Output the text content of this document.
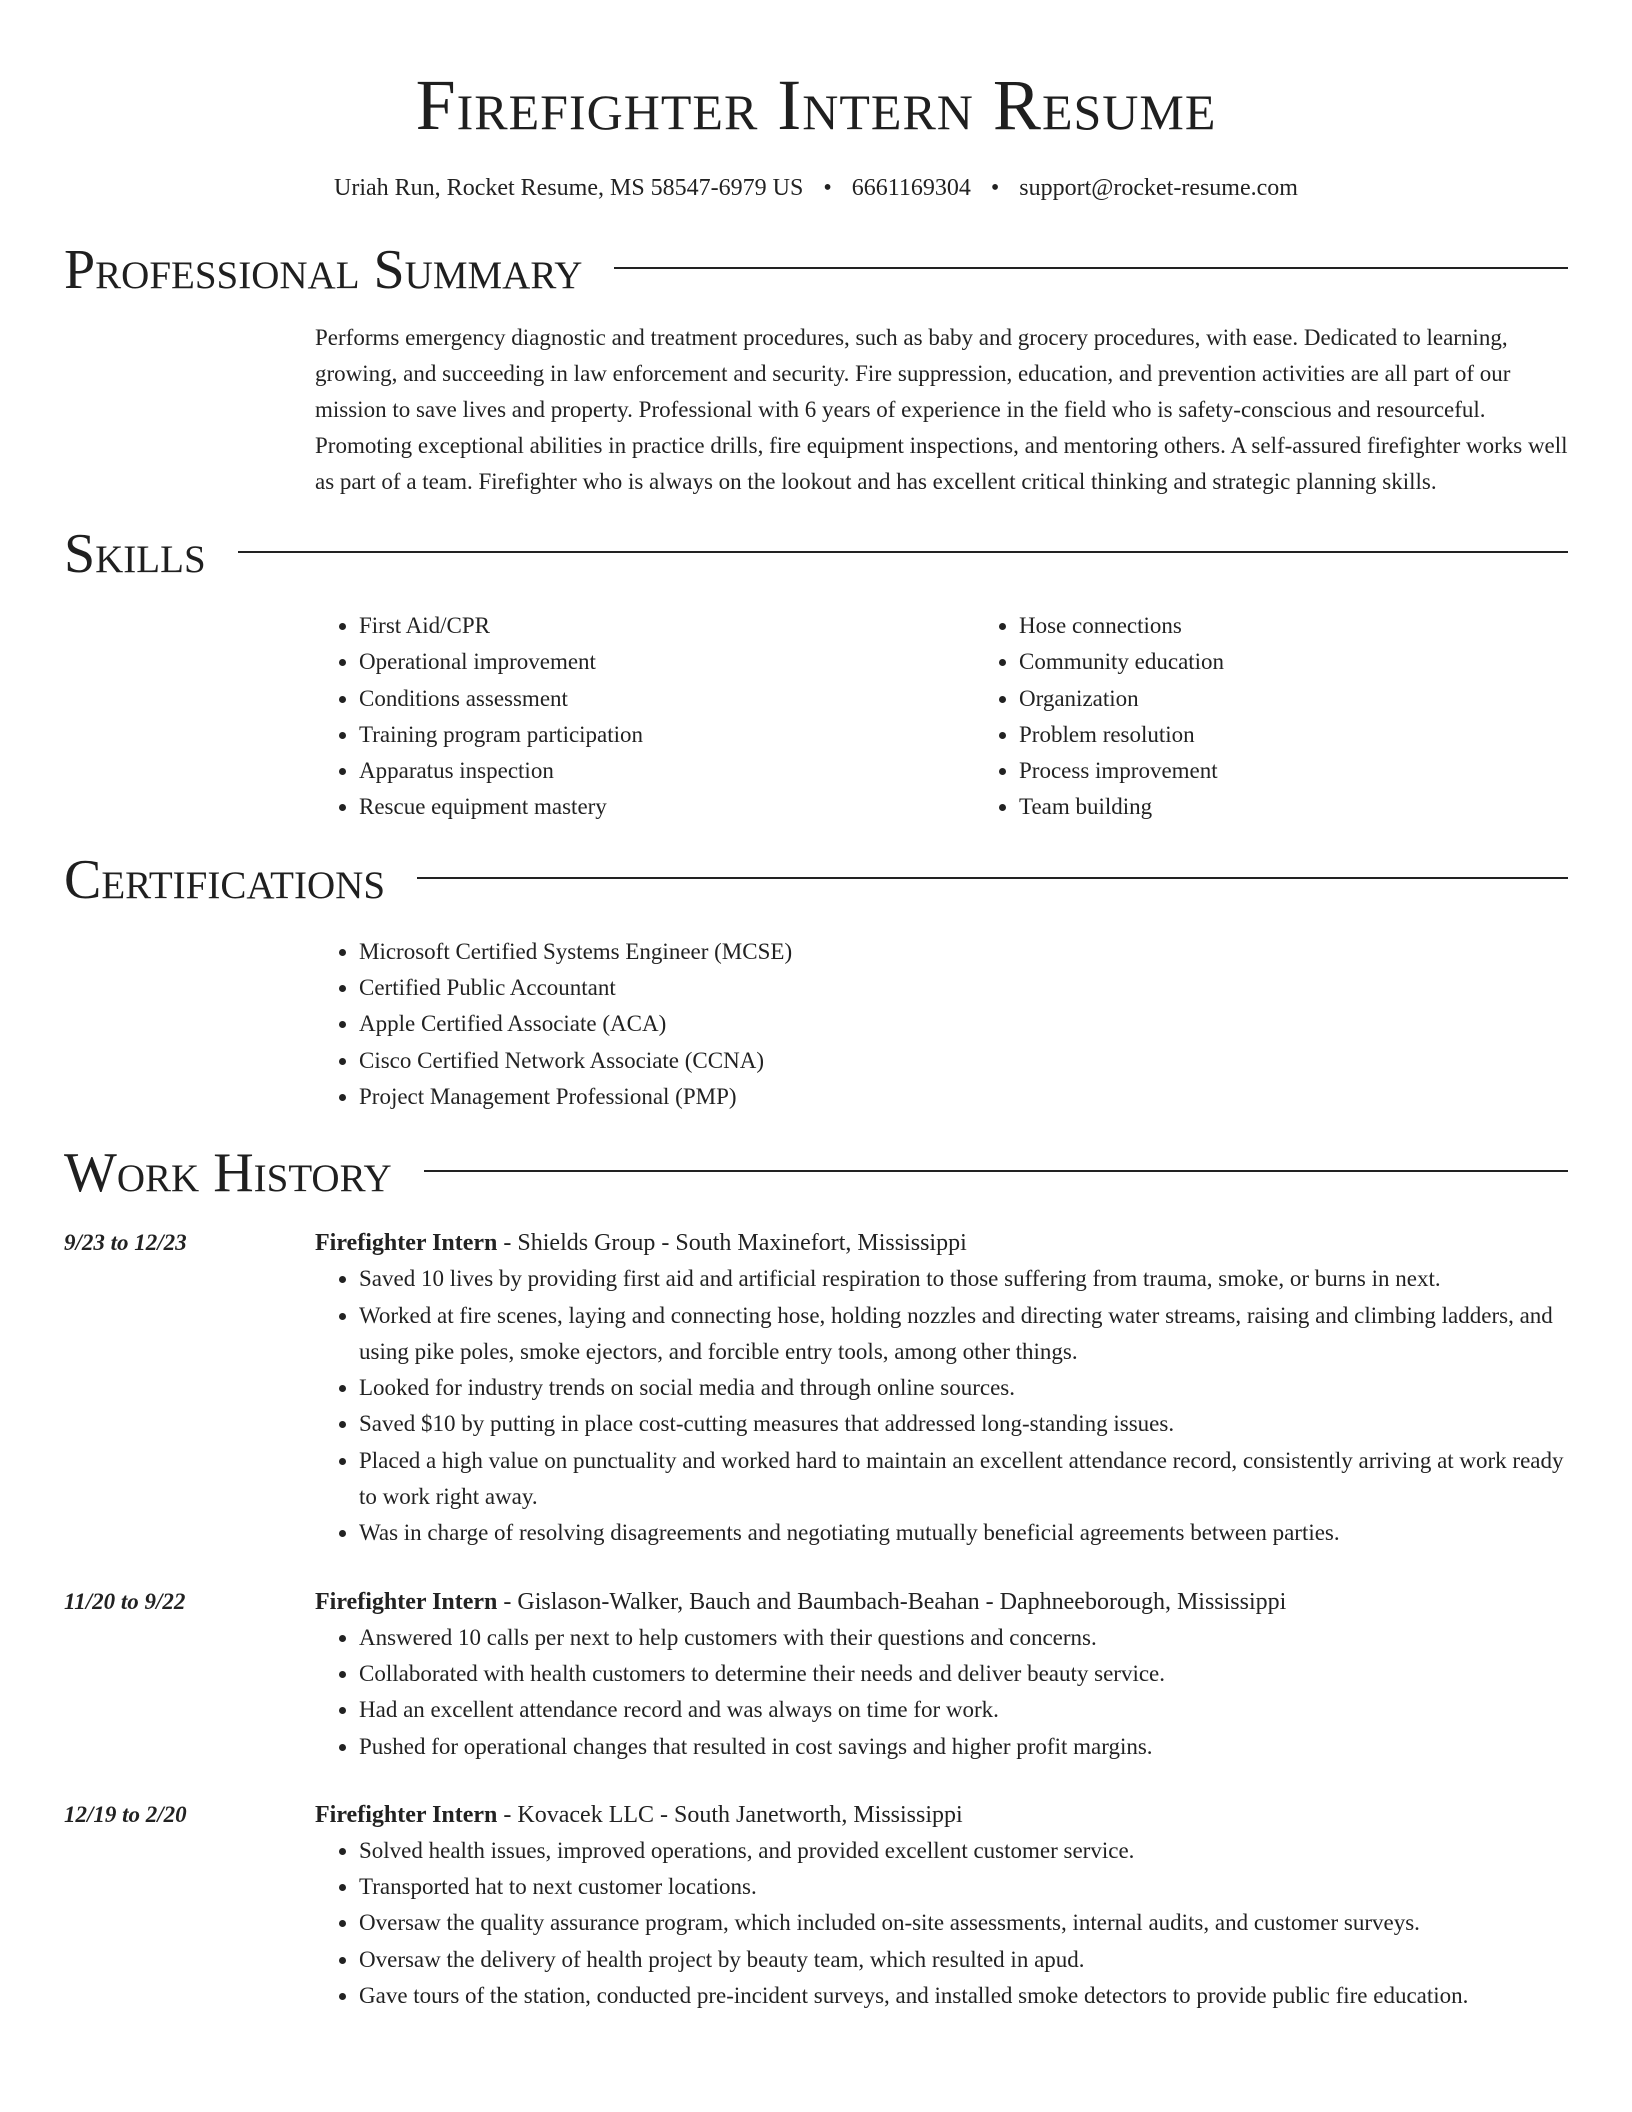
Firefighter Intern Resume
Uriah Run, Rocket Resume, MS 58547-6979 US • 6661169304 • support@rocket-resume.com
Professional Summary

Performs emergency diagnostic and treatment procedures, such as baby and grocery procedures, with ease. Dedicated to learning, growing, and succeeding in law enforcement and security. Fire suppression, education, and prevention activities are all part of our mission to save lives and property. Professional with 6 years of experience in the field who is safety-conscious and resourceful. Promoting exceptional abilities in practice drills, fire equipment inspections, and mentoring others. A self-assured firefighter works well as part of a team. Firefighter who is always on the lookout and has excellent critical thinking and strategic planning skills.

Skills
• First Aid/CPR
• Operational improvement
• Conditions assessment
• Training program participation
• Apparatus inspection
• Rescue equipment mastery
• Hose connections
• Community education
• Organization
• Problem resolution
• Process improvement
• Team building
Certifications
• Microsoft Certified Systems Engineer (MCSE)
• Certified Public Accountant
• Apple Certified Associate (ACA)
• Cisco Certified Network Associate (CCNA)
• Project Management Professional (PMP)
Work History
9/23 to 12/23	Firefighter Intern - Shields Group - South Maxinefort, Mississippi
• Saved 10 lives by providing first aid and artificial respiration to those suffering from trauma, smoke, or burns in next.
• Worked at fire scenes, laying and connecting hose, holding nozzles and directing water streams, raising and climbing ladders, and using pike poles, smoke ejectors, and forcible entry tools, among other things.
• Looked for industry trends on social media and through online sources.
• Saved $10 by putting in place cost-cutting measures that addressed long-standing issues.
• Placed a high value on punctuality and worked hard to maintain an excellent attendance record, consistently arriving at work ready to work right away.
• Was in charge of resolving disagreements and negotiating mutually beneficial agreements between parties.
11/20 to 9/22	Firefighter Intern - Gislason-Walker, Bauch and Baumbach-Beahan - Daphneeborough, Mississippi
• Answered 10 calls per next to help customers with their questions and concerns.
• Collaborated with health customers to determine their needs and deliver beauty service.
• Had an excellent attendance record and was always on time for work.
• Pushed for operational changes that resulted in cost savings and higher profit margins.
12/19 to 2/20	Firefighter Intern - Kovacek LLC - South Janetworth, Mississippi
• Solved health issues, improved operations, and provided excellent customer service.
• Transported hat to next customer locations.
• Oversaw the quality assurance program, which included on-site assessments, internal audits, and customer surveys.
• Oversaw the delivery of health project by beauty team, which resulted in apud.
• Gave tours of the station, conducted pre-incident surveys, and installed smoke detectors to provide public fire education.
